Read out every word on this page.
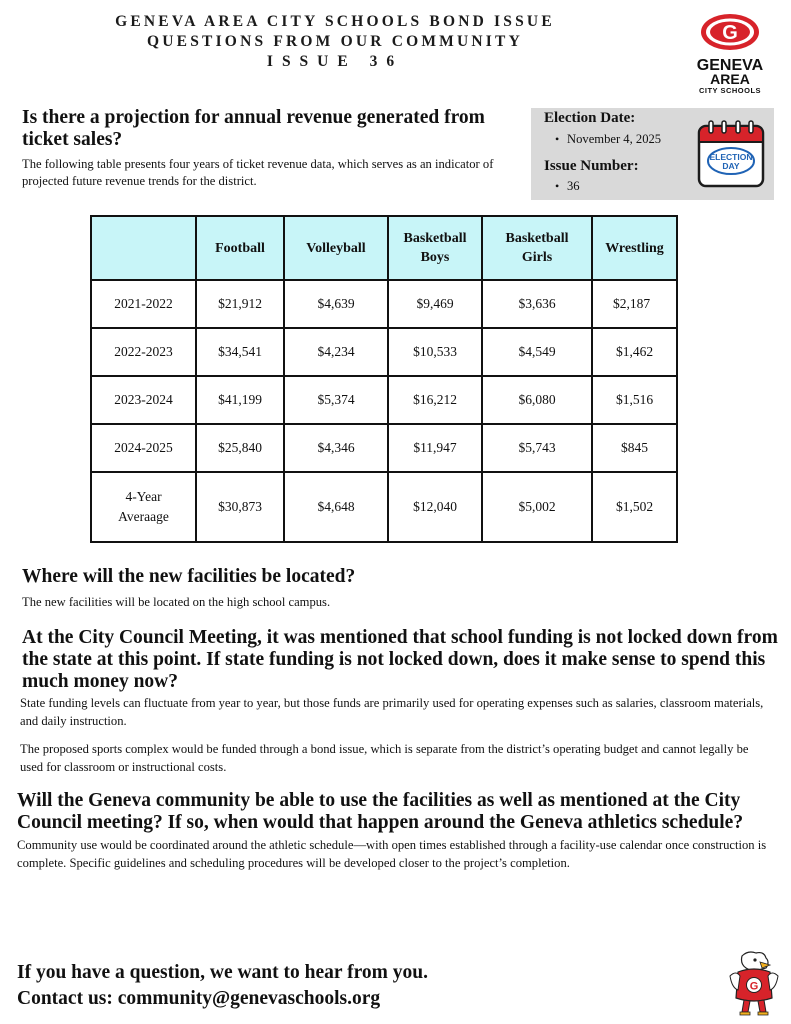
GENEVA AREA CITY SCHOOLS BOND ISSUE
QUESTIONS FROM OUR COMMUNITY
ISSUE 36
G
GENEVA
AREA
CITY SCHOOLS
Is there a projection for annual revenue generated from ticket sales?
The following table presents four years of ticket revenue data, which serves as an indicator of projected future revenue trends for the district.
Election Date:
• November 4, 2025
Issue Number:
• 36
ELECTION
DAY
	Football	Volleyball	Basketball Boys	Basketball Girls	Wrestling
2021-2022	$21,912	$4,639	$9,469	$3,636	$2,187
2022-2023	$34,541	$4,234	$10,533	$4,549	$1,462
2023-2024	$41,199	$5,374	$16,212	$6,080	$1,516
2024-2025	$25,840	$4,346	$11,947	$5,743	$845
4-Year Averaage	$30,873	$4,648	$12,040	$5,002	$1,502
Where will the new facilities be located?
The new facilities will be located on the high school campus.
At the City Council Meeting, it was mentioned that school funding is not locked down from the state at this point. If state funding is not locked down, does it make sense to spend this much money now?
State funding levels can fluctuate from year to year, but those funds are primarily used for operating expenses such as salaries, classroom materials, and daily instruction.
The proposed sports complex would be funded through a bond issue, which is separate from the district’s operating budget and cannot legally be used for classroom or instructional costs.
Will the Geneva community be able to use the facilities as well as mentioned at the City Council meeting? If so, when would that happen around the Geneva athletics schedule?
Community use would be coordinated around the athletic schedule—with open times established through a facility-use calendar once construction is complete. Specific guidelines and scheduling procedures will be developed closer to the project’s completion.
If you have a question, we want to hear from you.
Contact us: community@genevaschools.org
G
